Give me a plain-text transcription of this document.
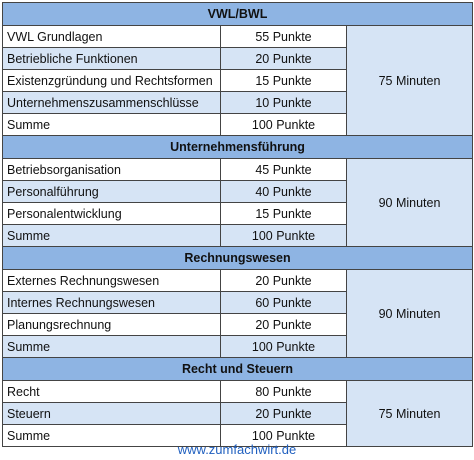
VWL/BWL		
VWL Grundlagen	55 Punkte	75 Minuten
Betriebliche Funktionen	20 Punkte	
Existenzgründung und Rechtsformen	15 Punkte	
Unternehmenszusammenschlüsse	10 Punkte	
Summe	100 Punkte	
Unternehmensführung		
Betriebsorganisation	45 Punkte	90 Minuten
Personalführung	40 Punkte	
Personalentwicklung	15 Punkte	
Summe	100 Punkte	
Rechnungswesen		
Externes Rechnungswesen	20 Punkte	90 Minuten
Internes Rechnungswesen	60 Punkte	
Planungsrechnung	20 Punkte	
Summe	100 Punkte	
Recht und Steuern		
Recht	80 Punkte	75 Minuten
Steuern	20 Punkte	
Summe	100 Punkte	
www.zumfachwirt.de
